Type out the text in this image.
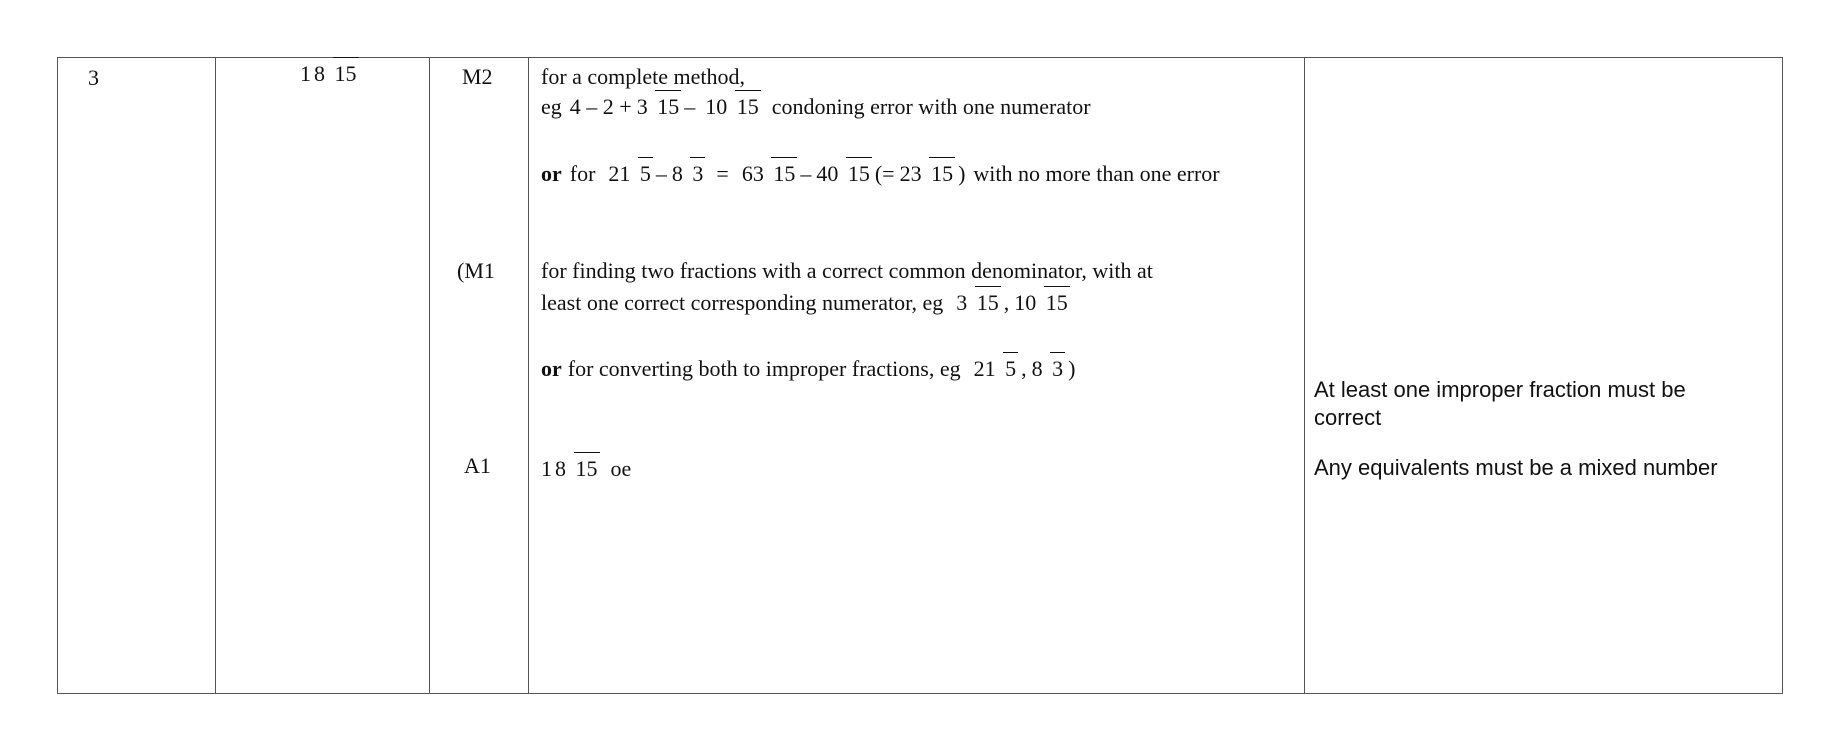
3	1 8 15	M2
(M1
A1
for a complete method,
eg 4 – 2 + 3 15 – 10 15 condoning error with one numerator
or for 21 5 – 8 3 = 63 15 – 40 15 (= 23 15 ) with no more than one error
for finding two fractions with a correct common denominator, with at
least one correct corresponding numerator, eg 3 15 , 10 15
or for converting both to improper fractions, eg 21 5 , 8 3 )
1 8 15 oe
At least one improper fraction must be correct
Any equivalents must be a mixed number
